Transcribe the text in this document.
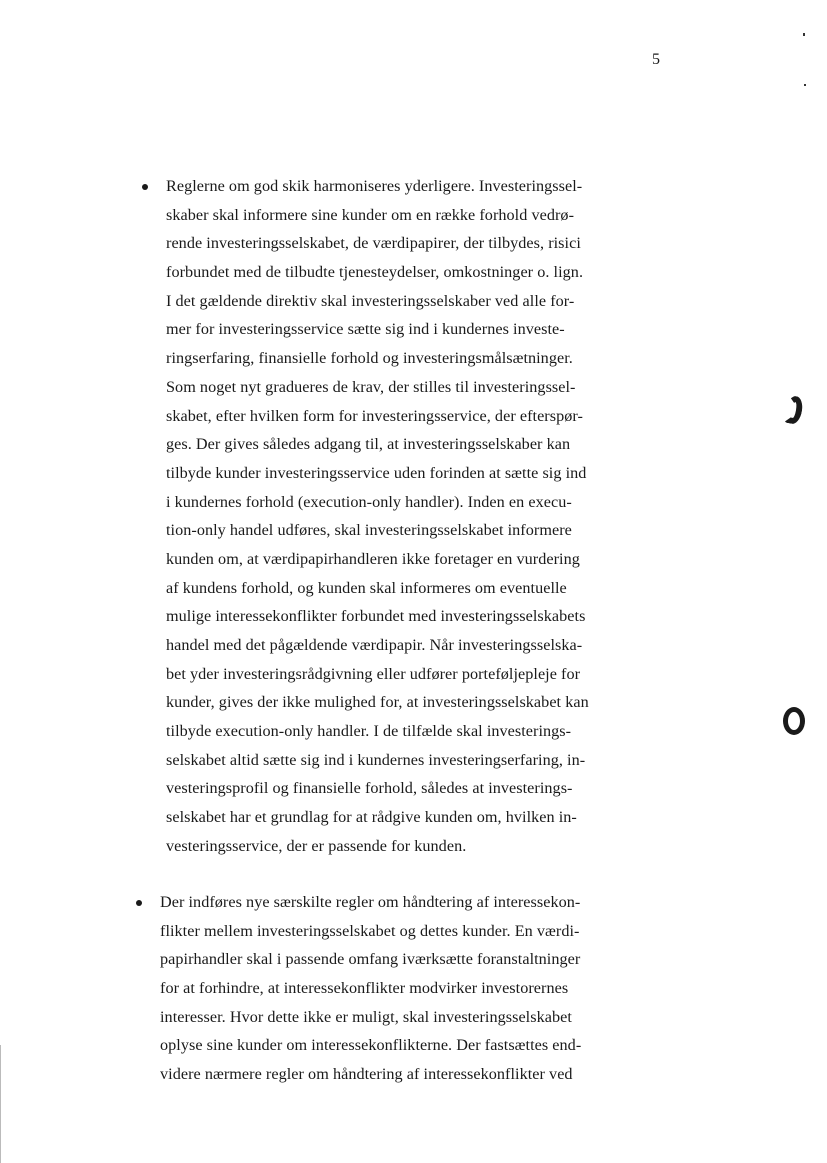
5
Reglerne om god skik harmoniseres yderligere. Investeringssel-
skaber skal informere sine kunder om en række forhold vedrø-
rende investeringsselskabet, de værdipapirer, der tilbydes, risici
forbundet med de tilbudte tjenesteydelser, omkostninger o. lign.
I det gældende direktiv skal investeringsselskaber ved alle for-
mer for investeringsservice sætte sig ind i kundernes investe-
ringserfaring, finansielle forhold og investeringsmålsætninger.
Som noget nyt gradueres de krav, der stilles til investeringssel-
skabet, efter hvilken form for investeringsservice, der efterspør-
ges. Der gives således adgang til, at investeringsselskaber kan
tilbyde kunder investeringsservice uden forinden at sætte sig ind
i kundernes forhold (execution-only handler). Inden en execu-
tion-only handel udføres, skal investeringsselskabet informere
kunden om, at værdipapirhandleren ikke foretager en vurdering
af kundens forhold, og kunden skal informeres om eventuelle
mulige interessekonflikter forbundet med investeringsselskabets
handel med det pågældende værdipapir. Når investeringsselska-
bet yder investeringsrådgivning eller udfører porteføljepleje for
kunder, gives der ikke mulighed for, at investeringsselskabet kan
tilbyde execution-only handler. I de tilfælde skal investerings-
selskabet altid sætte sig ind i kundernes investeringserfaring, in-
vesteringsprofil og finansielle forhold, således at investerings-
selskabet har et grundlag for at rådgive kunden om, hvilken in-
vesteringsservice, der er passende for kunden.
Der indføres nye særskilte regler om håndtering af interessekon-
flikter mellem investeringsselskabet og dettes kunder. En værdi-
papirhandler skal i passende omfang iværksætte foranstaltninger
for at forhindre, at interessekonflikter modvirker investorernes
interesser. Hvor dette ikke er muligt, skal investeringsselskabet
oplyse sine kunder om interessekonflikterne. Der fastsættes end-
videre nærmere regler om håndtering af interessekonflikter ved
